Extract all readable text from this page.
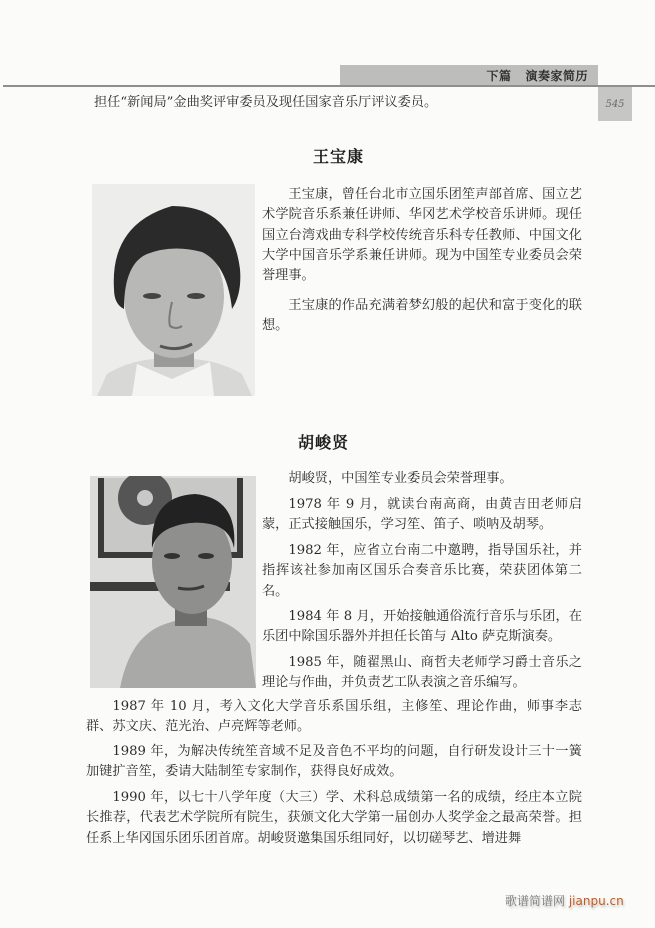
下篇 演奏家简历
545

担任“新闻局”金曲奖评审委员及现任国家音乐厅评议委员。

王宝康

王宝康，曾任台北市立国乐团笙声部首席、国立艺术学院音乐系兼任讲师、华冈艺术学校音乐讲师。现任国立台湾戏曲专科学校传统音乐科专任教师、中国文化大学中国音乐学系兼任讲师。现为中国笙专业委员会荣誉理事。

王宝康的作品充满着梦幻般的起伏和富于变化的联想。

胡峻贤

胡峻贤，中国笙专业委员会荣誉理事。

1978 年 9 月，就读台南高商，由黄吉田老师启蒙，正式接触国乐，学习笙、笛子、唢呐及胡琴。

1982 年，应省立台南二中邀聘，指导国乐社，并指挥该社参加南区国乐合奏音乐比赛，荣获团体第二名。

1984 年 8 月，开始接触通俗流行音乐与乐团，在乐团中除国乐器外并担任长笛与 Alto 萨克斯演奏。

1985 年，随翟黑山、商哲夫老师学习爵士音乐之理论与作曲，并负责艺工队表演之音乐编写。

1987 年 10 月，考入文化大学音乐系国乐组，主修笙、理论作曲，师事李志群、苏文庆、范光治、卢亮辉等老师。

1989 年，为解决传统笙音域不足及音色不平均的问题，自行研发设计三十一簧加键扩音笙，委请大陆制笙专家制作，获得良好成效。

1990 年，以七十八学年度（大三）学、术科总成绩第一名的成绩，经庄本立院长推荐，代表艺术学院所有院生，获颁文化大学第一届创办人奖学金之最高荣誉。担任系上华冈国乐团乐团首席。胡峻贤邀集国乐组同好，以切磋琴艺、增进舞

歌谱简谱网 jianpu.cn
